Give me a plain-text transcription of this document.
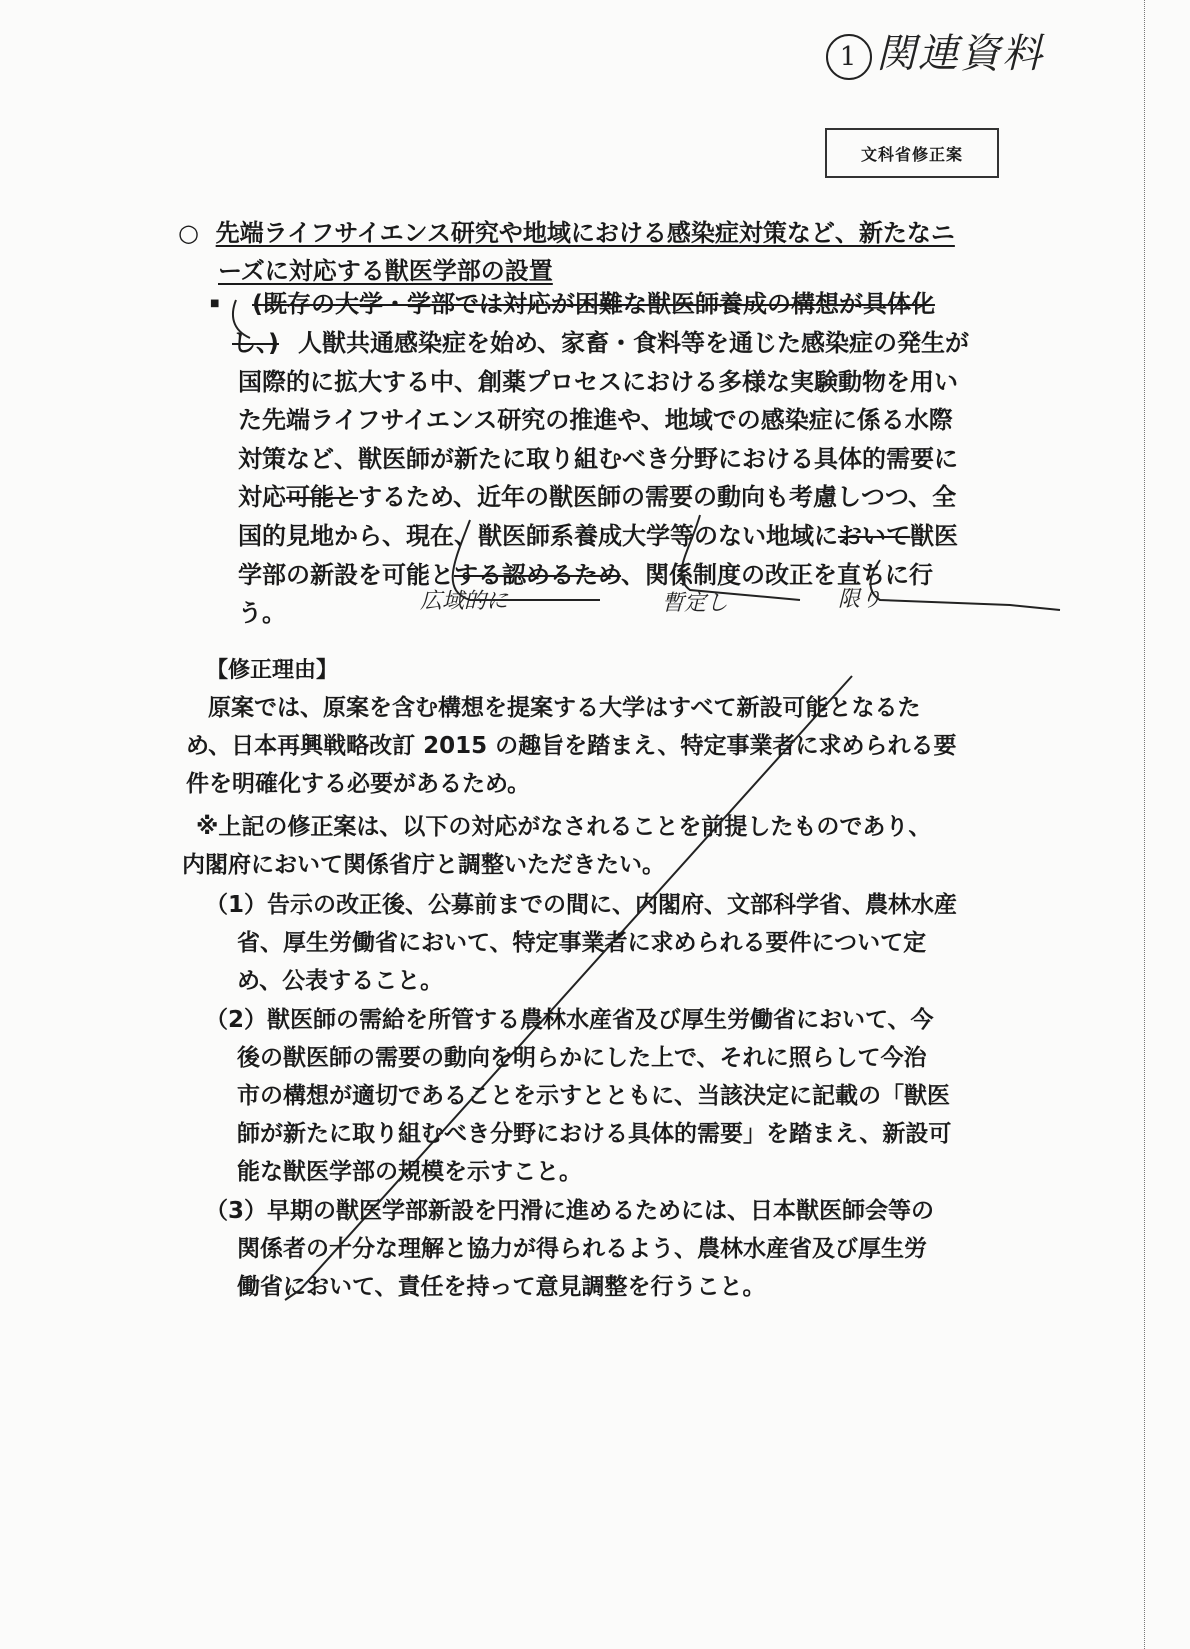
1 関連資料
文科省修正案
○ 先端ライフサイエンス研究や地域における感染症対策など、新たなニ
ーズに対応する獣医学部の設置
■ (既存の大学・学部では対応が困難な獣医師養成の構想が具体化
し、) 人獣共通感染症を始め、家畜・食料等を通じた感染症の発生が
国際的に拡大する中、創薬プロセスにおける多様な実験動物を用い
た先端ライフサイエンス研究の推進や、地域での感染症に係る水際
対策など、獣医師が新たに取り組むべき分野における具体的需要に
対応可能とするため、近年の獣医師の需要の動向も考慮しつつ、全
国的見地から、現在、獣医師系養成大学等のない地域において獣医
学部の新設を可能とする認めるため、関係制度の改正を直ちに行
う。	広域的に	暫定し	限り
【修正理由】
原案では、原案を含む構想を提案する大学はすべて新設可能となるた
め、日本再興戦略改訂 2015 の趣旨を踏まえ、特定事業者に求められる要
件を明確化する必要があるため。
※上記の修正案は、以下の対応がなされることを前提したものであり、
内閣府において関係省庁と調整いただきたい。
（1）告示の改正後、公募前までの間に、内閣府、文部科学省、農林水産
省、厚生労働省において、特定事業者に求められる要件について定
め、公表すること。
（2）獣医師の需給を所管する農林水産省及び厚生労働省において、今
後の獣医師の需要の動向を明らかにした上で、それに照らして今治
市の構想が適切であることを示すとともに、当該決定に記載の「獣医
師が新たに取り組むべき分野における具体的需要」を踏まえ、新設可
能な獣医学部の規模を示すこと。
（3）早期の獣医学部新設を円滑に進めるためには、日本獣医師会等の
関係者の十分な理解と協力が得られるよう、農林水産省及び厚生労
働省において、責任を持って意見調整を行うこと。
